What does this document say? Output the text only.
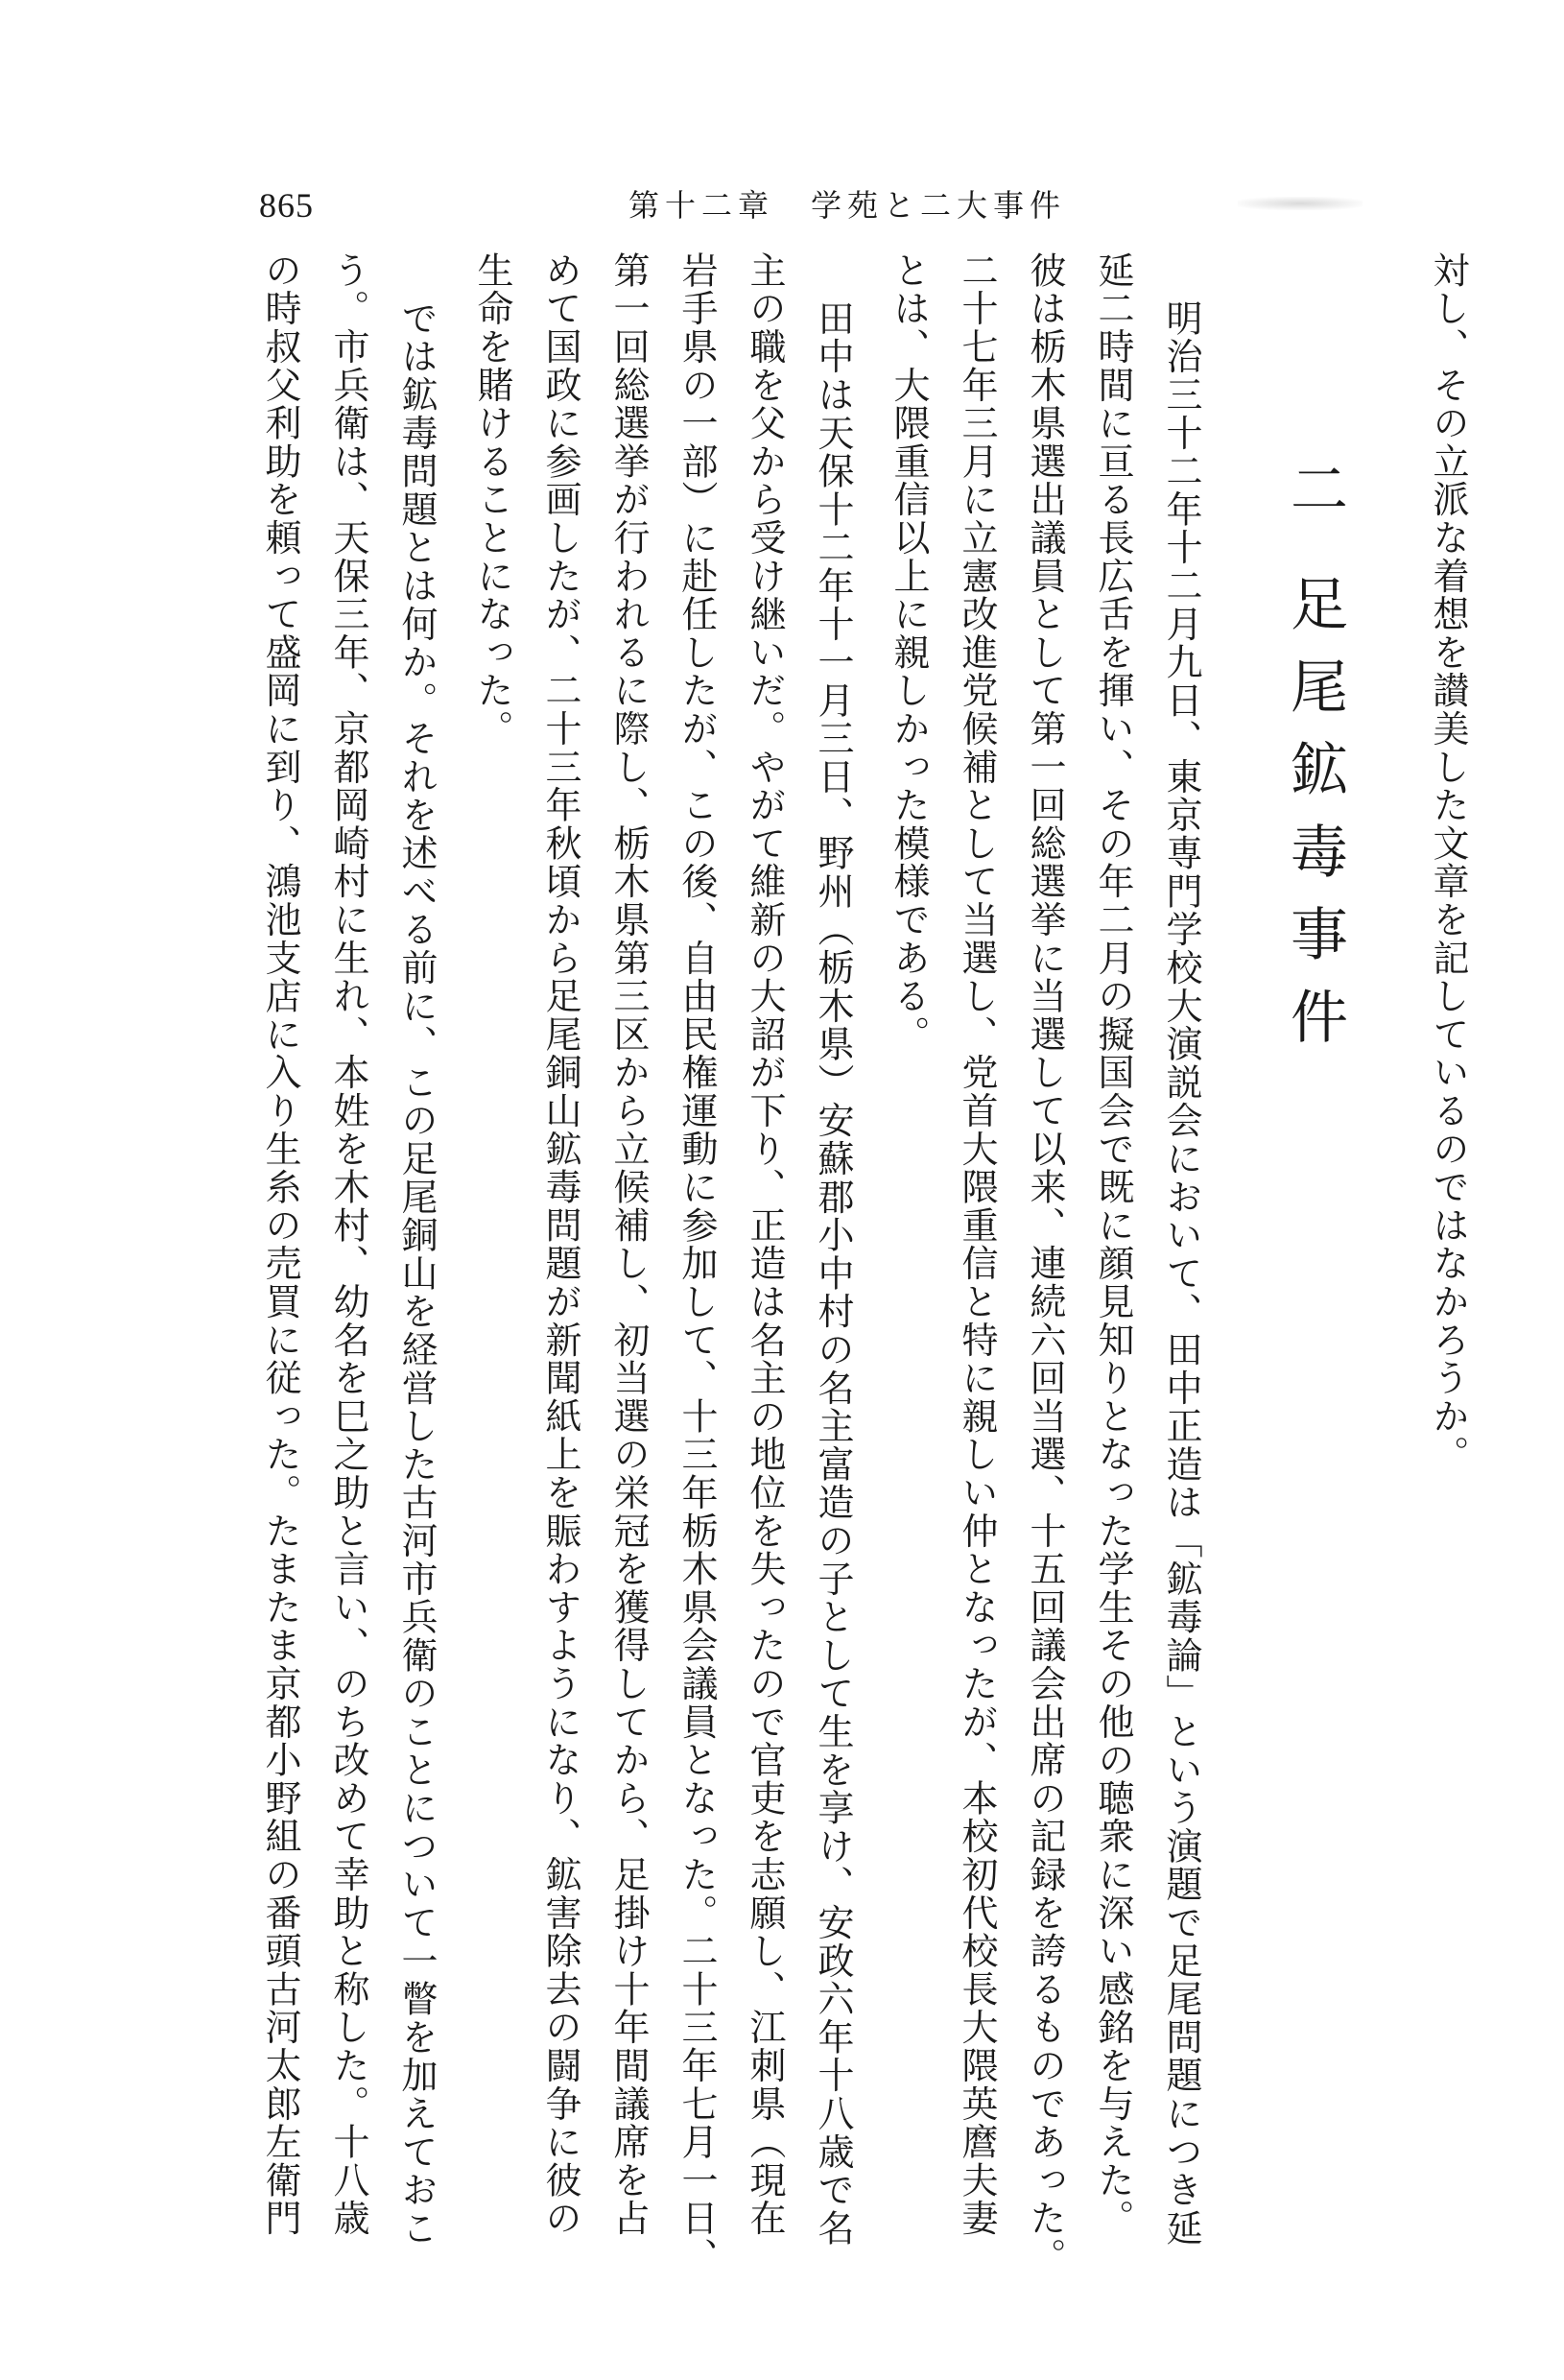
865	第十二章　学苑と二大事件
二足尾鉱毒事件 対し、その立派な着想を讃美した文章を記しているのではなかろうか。
明治三十二年十二月九日、東京専門学校大演説会において、田中正造は「鉱毒論」という演題で足尾問題につき延
延二時間に亘る長広舌を揮い、その年二月の擬国会で既に顔見知りとなった学生その他の聴衆に深い感銘を与えた。
彼は栃木県選出議員として第一回総選挙に当選して以来、連続六回当選、十五回議会出席の記録を誇るものであった。
二十七年三月に立憲改進党候補として当選し、党首大隈重信と特に親しい仲となったが、本校初代校長大隈英麿夫妻
とは、大隈重信以上に親しかった模様である。
田中は天保十二年十一月三日、野州（栃木県）安蘇郡小中村の名主富造の子として生を享け、安政六年十八歳で名
主の職を父から受け継いだ。やがて維新の大詔が下り、正造は名主の地位を失ったので官吏を志願し、江刺県（現在
岩手県の一部）に赴任したが、この後、自由民権運動に参加して、十三年栃木県会議員となった。二十三年七月一日、
第一回総選挙が行われるに際し、栃木県第三区から立候補し、初当選の栄冠を獲得してから、足掛け十年間議席を占
めて国政に参画したが、二十三年秋頃から足尾銅山鉱毒問題が新聞紙上を賑わすようになり、鉱害除去の闘争に彼の
生命を賭けることになった。
では鉱毒問題とは何か。それを述べる前に、この足尾銅山を経営した古河市兵衛のことについて一瞥を加えておこ
う。市兵衛は、天保三年、京都岡崎村に生れ、本姓を木村、幼名を巳之助と言い、のち改めて幸助と称した。十八歳
の時叔父利助を頼って盛岡に到り、鴻池支店に入り生糸の売買に従った。たまたま京都小野組の番頭古河太郎左衛門
